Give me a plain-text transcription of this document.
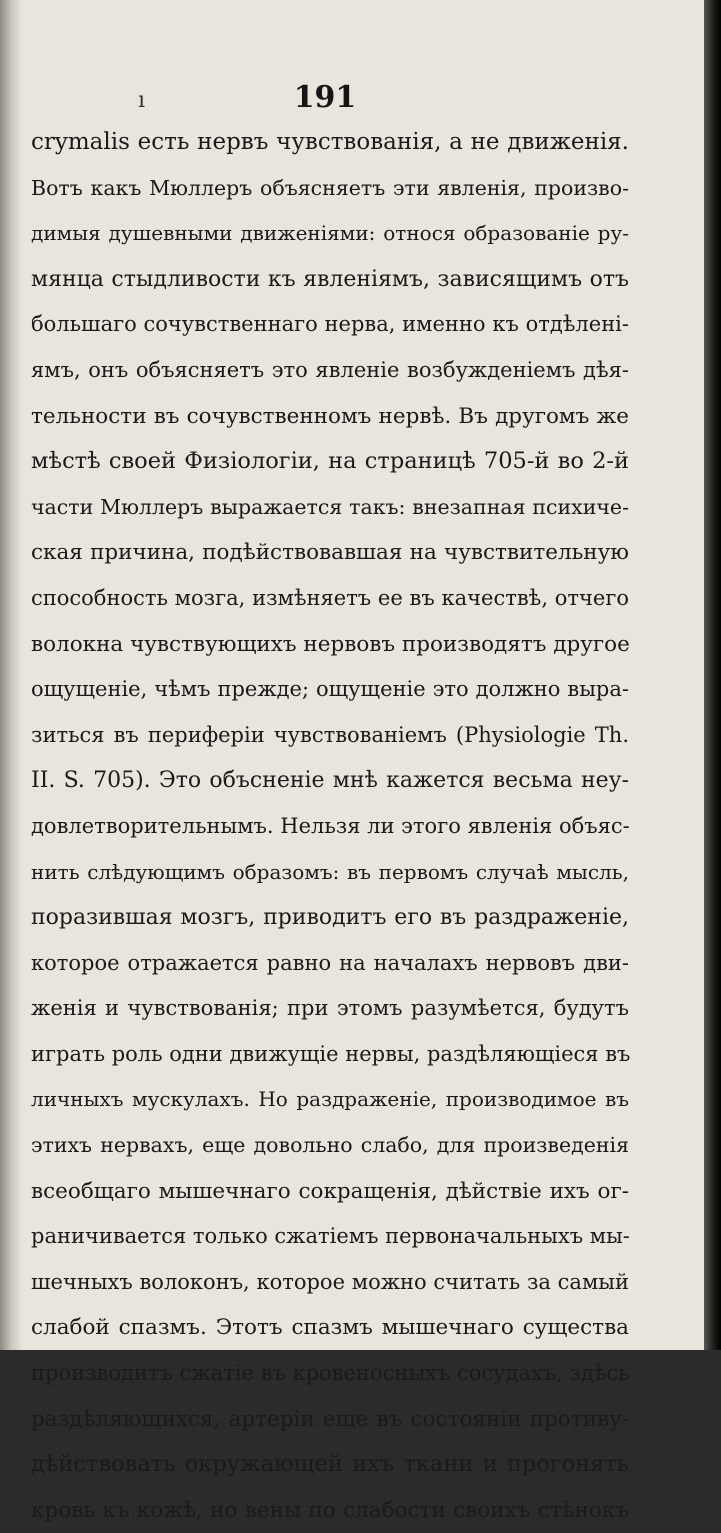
ı	191
crymalis есть нервъ чувствованія, а не движенія.
Вотъ какъ Мюллеръ объясняетъ эти явленія, произво-
димыя душевными движеніями: относя образованіе ру-
мянца стыдливости къ явленіямъ, зависящимъ отъ
большаго сочувственнаго нерва, именно къ отдѣлені-
ямъ, онъ объясняетъ это явленіе возбужденіемъ дѣя-
тельности въ сочувственномъ нервѣ. Въ другомъ же
мѣстѣ своей Физіологіи, на страницѣ 705-й во 2-й
части Мюллеръ выражается такъ: внезапная психиче-
ская причина, подѣйствовавшая на чувствительную
способность мозга, измѣняетъ ее въ качествѣ, отчего
волокна чувствующихъ нервовъ производятъ другое
ощущеніе, чѣмъ прежде; ощущеніе это должно выра-
зиться въ периферіи чувствованіемъ (Physiologie Th.
II. S. 705). Это объсненіе мнѣ кажется весьма неу-
довлетворительнымъ. Нельзя ли этого явленія объяс-
нить слѣдующимъ образомъ: въ первомъ случаѣ мысль,
поразившая мозгъ, приводитъ его въ раздраженіе,
которое отражается равно на началахъ нервовъ дви-
женія и чувствованія; при этомъ разумѣется, будутъ
играть роль одни движущіе нервы, раздѣляющіеся въ
личныхъ мускулахъ. Но раздраженіе, производимое въ
этихъ нервахъ, еще довольно слабо, для произведенія
всеобщаго мышечнаго сокращенія, дѣйствіе ихъ ог-
раничивается только сжатіемъ первоначальныхъ мы-
шечныхъ волоконъ, которое можно считать за самый
слабой спазмъ. Этотъ спазмъ мышечнаго существа
производитъ сжатіе въ кровеносныхъ сосудахъ, здѣсь
раздѣляющихся, артеріи еще въ состояніи противу-
дѣйствовать окружающей ихъ ткани и прогонять
кровь къ кожѣ, но вены по слабости своихъ стѣнокъ
